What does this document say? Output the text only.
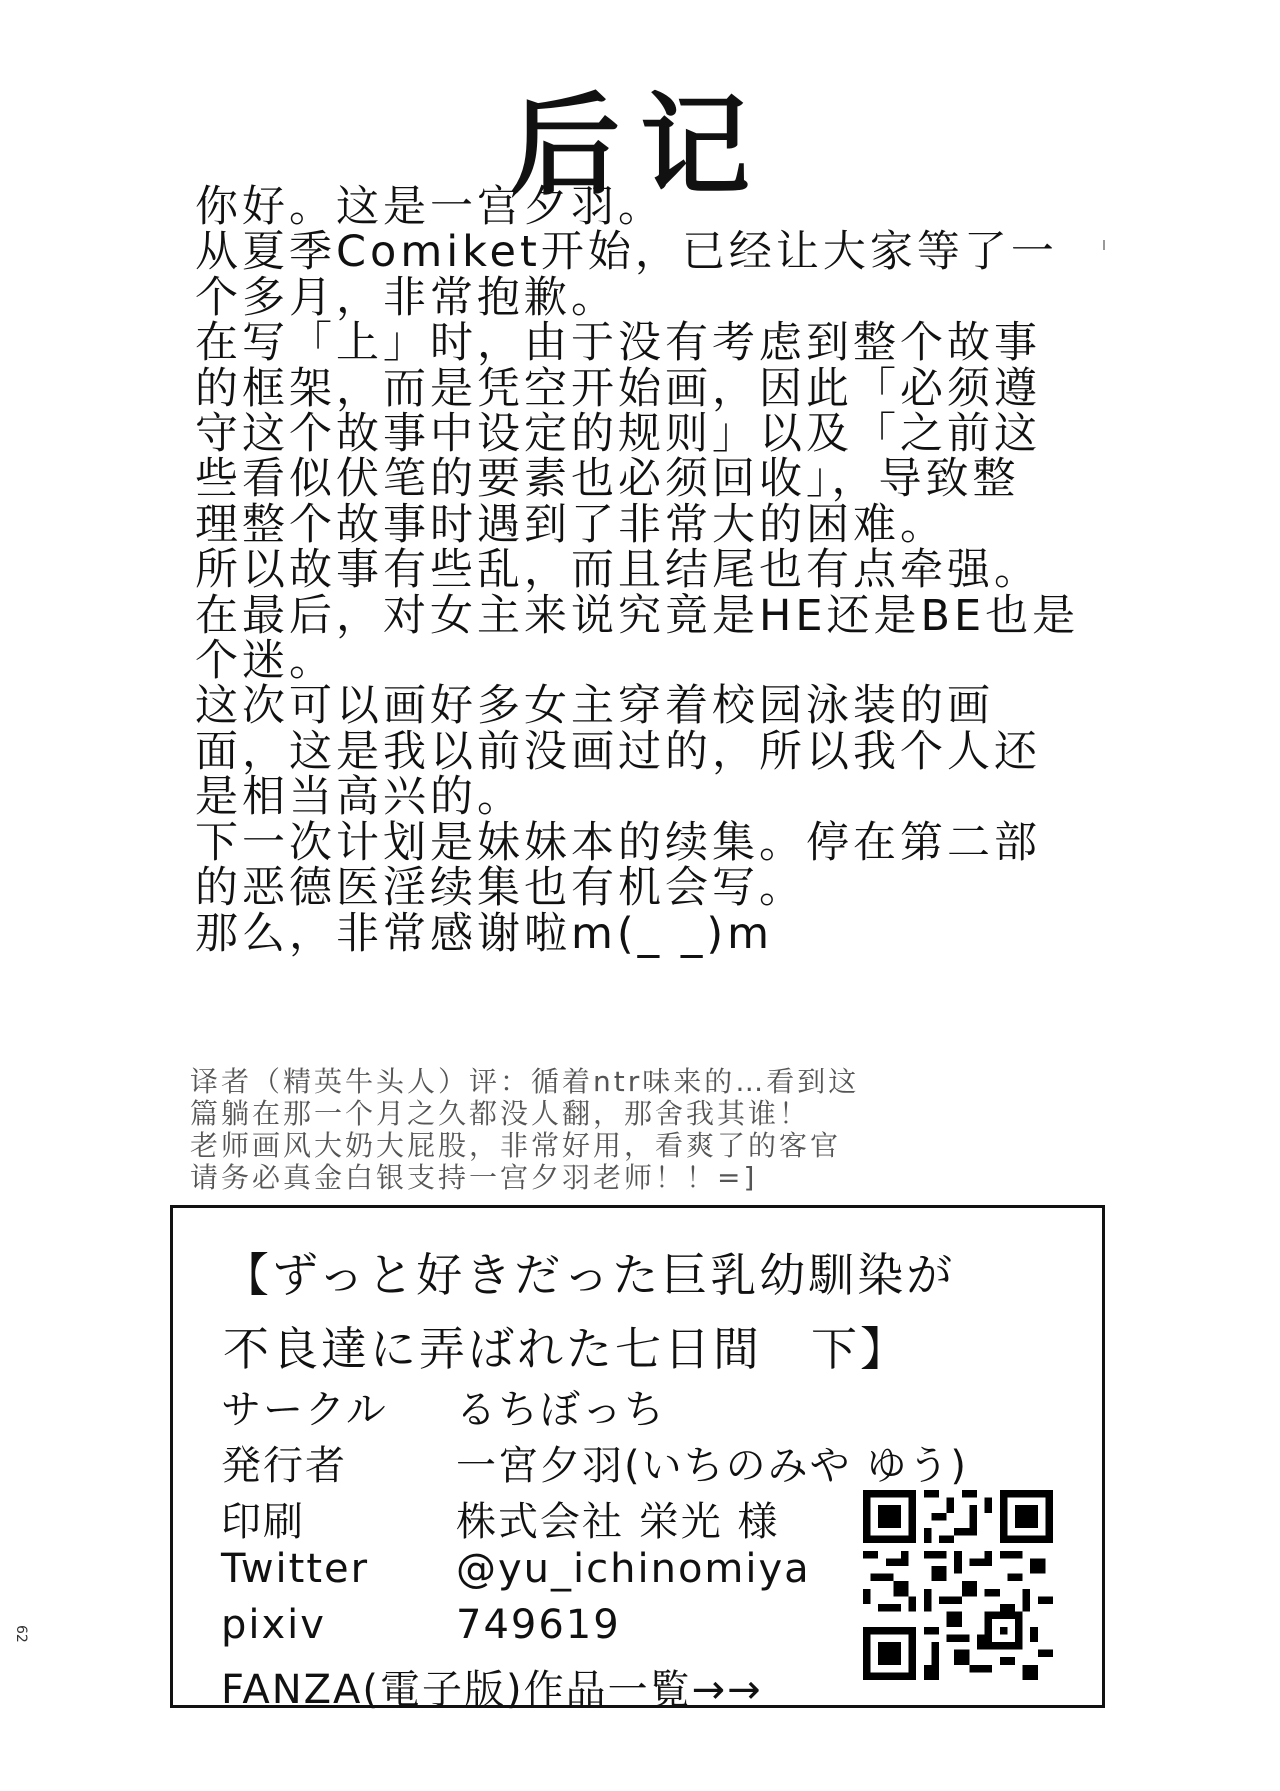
后记
你好。这是一宫夕羽。
从夏季Comiket开始，已经让大家等了一
个多月，非常抱歉。
在写「上」时，由于没有考虑到整个故事
的框架，而是凭空开始画，因此「必须遵
守这个故事中设定的规则」以及「之前这
些看似伏笔的要素也必须回收」，导致整
理整个故事时遇到了非常大的困难。
所以故事有些乱，而且结尾也有点牵强。
在最后，对女主来说究竟是HE还是BE也是
个迷。
这次可以画好多女主穿着校园泳装的画
面，这是我以前没画过的，所以我个人还
是相当高兴的。
下一次计划是妹妹本的续集。停在第二部
的恶德医淫续集也有机会写。
那么，非常感谢啦m(_ _)m
译者（精英牛头人）评：循着ntr味来的…看到这
篇躺在那一个月之久都没人翻，那舍我其谁！
老师画风大奶大屁股，非常好用，看爽了的客官
请务必真金白银支持一宫夕羽老师！！=]
【ずっと好きだった巨乳幼馴染が
不良達に弄ばれた七日間　下】
サークル るちぼっち
発行者	一宮夕羽(いちのみや ゆう)
印刷	株式会社 栄光 様
Twitter @yu_ichinomiya
pixiv	749619
FANZA(電子版)作品一覧→→
62
